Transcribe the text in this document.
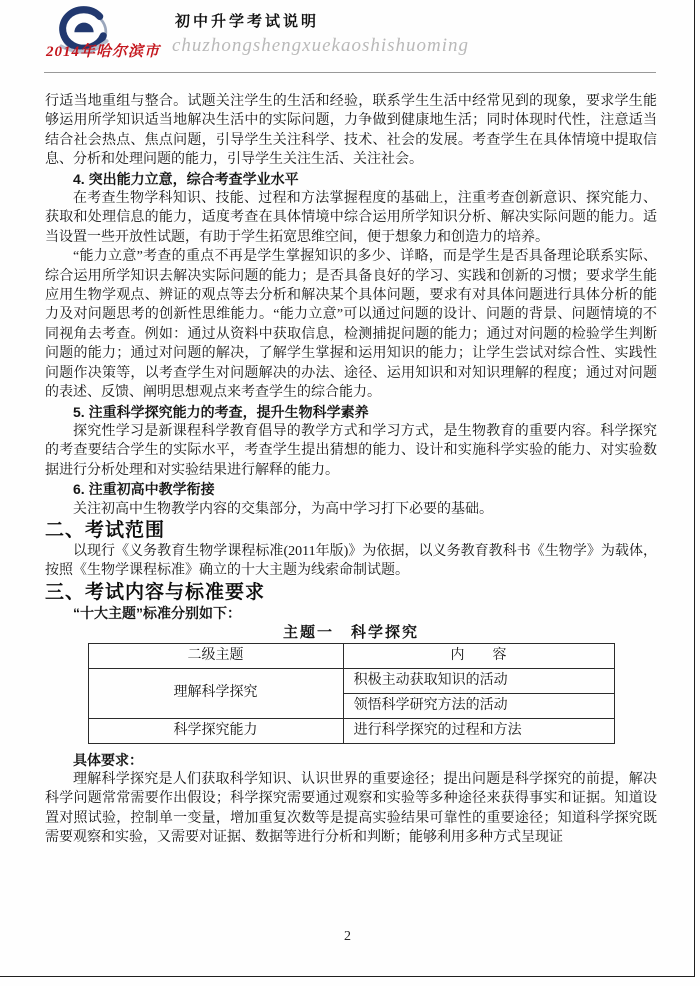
初中升学考试说明
2014年哈尔滨市 chuzhongshengxuekaoshishuoming

行适当地重组与整合。试题关注学生的生活和经验，联系学生生活中经常见到的现象，要求学生能够运用所学知识适当地解决生活中的实际问题，力争做到健康地生活；同时体现时代性，注意适当结合社会热点、焦点问题，引导学生关注科学、技术、社会的发展。考查学生在具体情境中提取信息、分析和处理问题的能力，引导学生关注生活、关注社会。

4. 突出能力立意，综合考查学业水平

在考查生物学科知识、技能、过程和方法掌握程度的基础上，注重考查创新意识、探究能力、获取和处理信息的能力，适度考查在具体情境中综合运用所学知识分析、解决实际问题的能力。适当设置一些开放性试题，有助于学生拓宽思维空间，便于想象力和创造力的培养。

“能力立意”考查的重点不再是学生掌握知识的多少、详略，而是学生是否具备理论联系实际、综合运用所学知识去解决实际问题的能力；是否具备良好的学习、实践和创新的习惯；要求学生能应用生物学观点、辨证的观点等去分析和解决某个具体问题，要求有对具体问题进行具体分析的能力及对问题思考的创新性思维能力。“能力立意”可以通过问题的设计、问题的背景、问题情境的不同视角去考查。例如：通过从资料中获取信息，检测捕捉问题的能力；通过对问题的检验学生判断问题的能力；通过对问题的解决，了解学生掌握和运用知识的能力；让学生尝试对综合性、实践性问题作决策等，以考查学生对问题解决的办法、途径、运用知识和对知识理解的程度；通过对问题的表述、反馈、阐明思想观点来考查学生的综合能力。

5. 注重科学探究能力的考查，提升生物科学素养

探究性学习是新课程科学教育倡导的教学方式和学习方式，是生物教育的重要内容。科学探究的考查要结合学生的实际水平，考查学生提出猜想的能力、设计和实施科学实验的能力、对实验数据进行分析处理和对实验结果进行解释的能力。

6. 注重初高中教学衔接

关注初高中生物教学内容的交集部分，为高中学习打下必要的基础。

二、考试范围

以现行《义务教育生物学课程标准(2011年版)》为依据，以义务教育教科书《生物学》为载体，按照《生物学课程标准》确立的十大主题为线索命制试题。

三、考试内容与标准要求

“十大主题”标准分别如下：

主题一　科学探究

二级主题	内　　容
理解科学探究	积极主动获取知识的活动
	领悟科学研究方法的活动
科学探究能力	进行科学探究的过程和方法

具体要求：

理解科学探究是人们获取科学知识、认识世界的重要途径；提出问题是科学探究的前提，解决科学问题常常需要作出假设；科学探究需要通过观察和实验等多种途径来获得事实和证据。知道设置对照试验，控制单一变量，增加重复次数等是提高实验结果可靠性的重要途径；知道科学探究既需要观察和实验，又需要对证据、数据等进行分析和判断；能够利用多种方式呈现证

2
